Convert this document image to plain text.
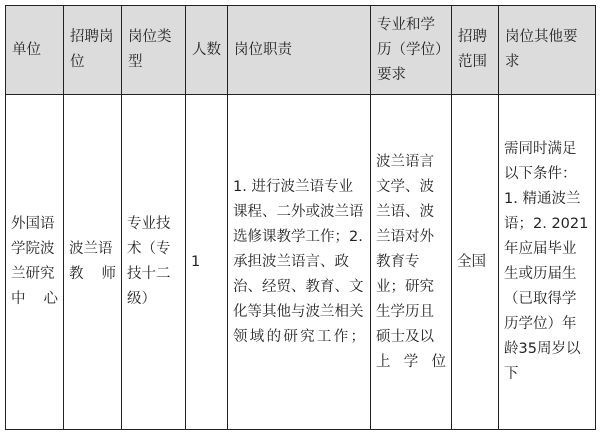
单位	招聘岗位	岗位类型	人数	岗位职责	专业和学历（学位）要求	招聘范围	岗位其他要求
外国语学院波兰研究中心	波兰语教师	专业技术（专技十二级）	1	1. 进行波兰语专业课程、二外或波兰语选修课教学工作；2. 承担波兰语言、政治、经贸、教育、文化等其他与波兰相关领域的研究工作；	波兰语言文学、波兰语、波兰语对外教育专业；研究生学历且硕士及以上学位	全国	需同时满足以下条件：1. 精通波兰语；2. 2021年应届毕业生或历届生（已取得学历学位）年龄35周岁以下
